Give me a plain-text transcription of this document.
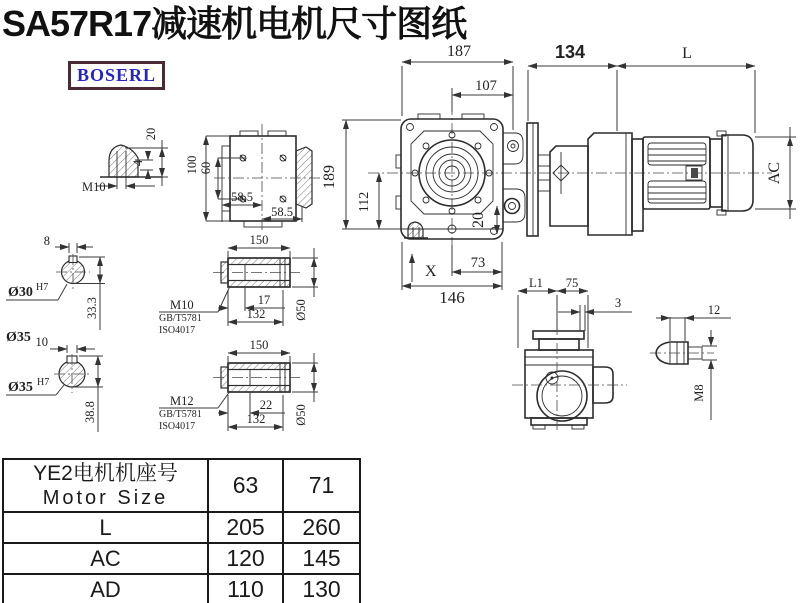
SA57R17减速机电机尺寸图纸
BOSERL
M10
4
20
100 60
58.5
58.5
8
Ø30 H7
33.3
Ø35 10
Ø35 H7
38.8
150
17
132 Ø50
M10
GB/T5781
ISO4017
150
22
132 Ø50
M12
GB/T5781
ISO4017
187
107
189
112
20
73
146
X
134	L
AC
L1 75
3	12
M8
YE2电机机座号
Motor Size	63	71
L	205	260
AC	120	145
AD	110	130
